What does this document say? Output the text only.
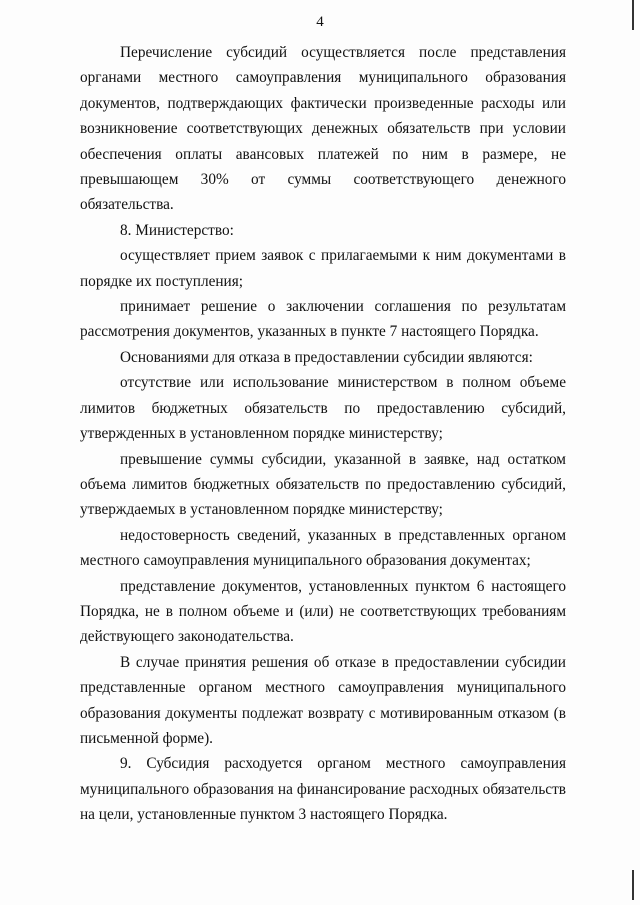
4

Перечисление субсидий осуществляется после представления органами местного самоуправления муниципального образования документов, подтверждающих фактически произведенные расходы или возникновение соответствующих денежных обязательств при условии обеспечения оплаты авансовых платежей по ним в размере, не превышающем 30% от суммы соответствующего денежного обязательства.

8. Министерство:

осуществляет прием заявок с прилагаемыми к ним документами в порядке их поступления;

принимает решение о заключении соглашения по результатам рассмотрения документов, указанных в пункте 7 настоящего Порядка.

Основаниями для отказа в предоставлении субсидии являются:

отсутствие или использование министерством в полном объеме лимитов бюджетных обязательств по предоставлению субсидий, утвержденных в установленном порядке министерству;

превышение суммы субсидии, указанной в заявке, над остатком объема лимитов бюджетных обязательств по предоставлению субсидий, утверждаемых в установленном порядке министерству;

недостоверность сведений, указанных в представленных органом местного самоуправления муниципального образования документах;

представление документов, установленных пунктом 6 настоящего Порядка, не в полном объеме и (или) не соответствующих требованиям действующего законодательства.

В случае принятия решения об отказе в предоставлении субсидии представленные органом местного самоуправления муниципального образования документы подлежат возврату с мотивированным отказом (в письменной форме).

9. Субсидия расходуется органом местного самоуправления муниципального образования на финансирование расходных обязательств на цели, установленные пунктом 3 настоящего Порядка.
